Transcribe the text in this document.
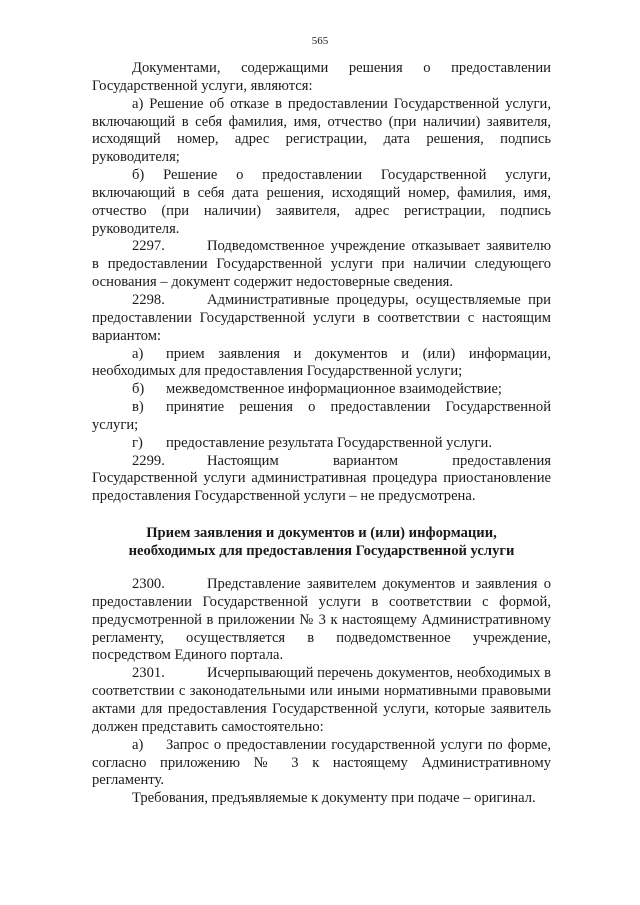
565

Документами, содержащими решения о предоставлении Государственной услуги, являются:

а) Решение об отказе в предоставлении Государственной услуги, включающий в себя фамилия, имя, отчество (при наличии) заявителя, исходящий номер, адрес регистрации, дата решения, подпись руководителя;

б) Решение о предоставлении Государственной услуги, включающий в себя дата решения, исходящий номер, фамилия, имя, отчество (при наличии) заявителя, адрес регистрации, подпись руководителя.

2297.	Подведомственное учреждение отказывает заявителю в предоставлении Государственной услуги при наличии следующего основания – документ содержит недостоверные сведения.

2298.	Административные процедуры, осуществляемые при предоставлении Государственной услуги в соответствии с настоящим вариантом:

а) прием заявления и документов и (или) информации, необходимых для предоставления Государственной услуги;

б) межведомственное информационное взаимодействие;

в) принятие решения о предоставлении Государственной услуги;

г) предоставление результата Государственной услуги.

2299.	Настоящим вариантом предоставления Государственной услуги административная процедура приостановление предоставления Государственной услуги – не предусмотрена.

Прием заявления и документов и (или) информации,
необходимых для предоставления Государственной услуги

2300.	Представление заявителем документов и заявления о предоставлении Государственной услуги в соответствии с формой, предусмотренной в приложении № 3 к настоящему Административному регламенту, осуществляется в подведомственное учреждение, посредством Единого портала.

2301.	Исчерпывающий перечень документов, необходимых в соответствии с законодательными или иными нормативными правовыми актами для предоставления Государственной услуги, которые заявитель должен представить самостоятельно:

а) Запрос о предоставлении государственной услуги по форме, согласно приложению № 3 к настоящему Административному регламенту.

Требования, предъявляемые к документу при подаче – оригинал.
